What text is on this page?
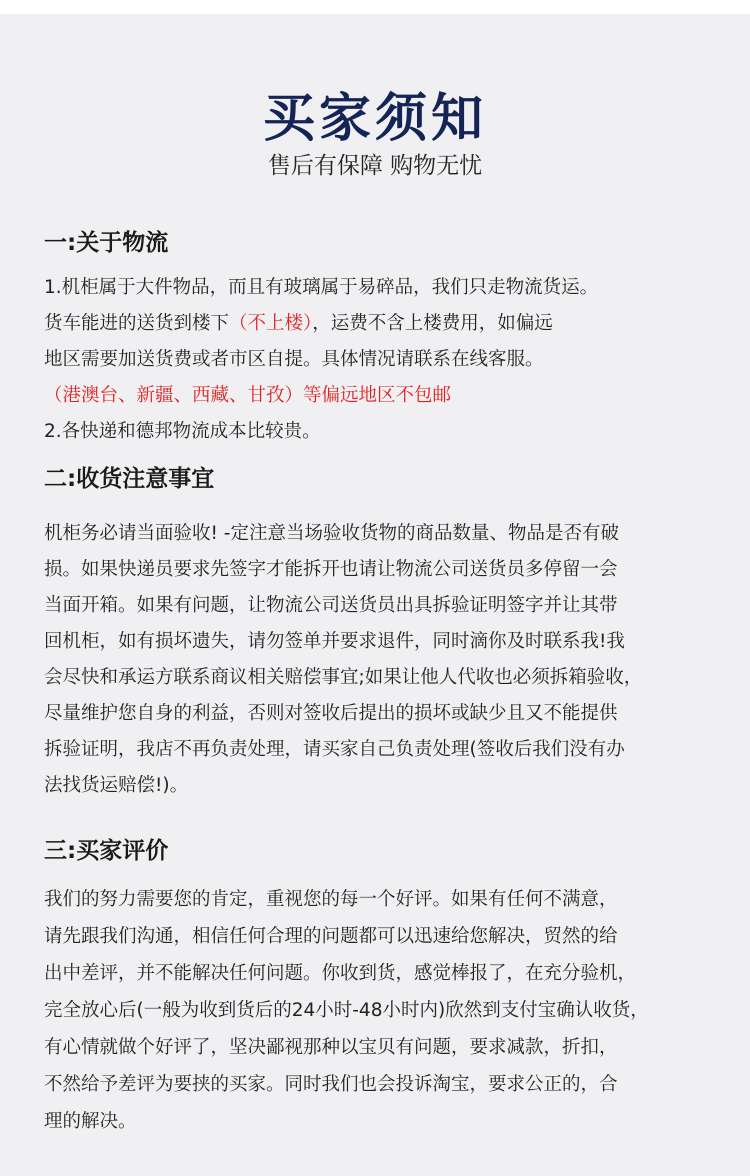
买家须知
售后有保障 购物无忧
一:关于物流
1.机柜属于大件物品，而且有玻璃属于易碎品，我们只走物流货运。
货车能进的送货到楼下（不上楼），运费不含上楼费用，如偏远
地区需要加送货费或者市区自提。具体情况请联系在线客服。
（港澳台、新疆、西藏、甘孜）等偏远地区不包邮
2.各快递和德邦物流成本比较贵。
二:收货注意事宜
机柜务必请当面验收! -定注意当场验收货物的商品数量、物品是否有破
损。如果快递员要求先签字才能拆开也请让物流公司送货员多停留一会
当面开箱。如果有问题，让物流公司送货员出具拆验证明签字并让其带
回机柜，如有损坏遗失，请勿签单并要求退件，同时滴你及时联系我!我
会尽快和承运方联系商议相关赔偿事宜;如果让他人代收也必须拆箱验收，
尽量维护您自身的利益，否则对签收后提出的损坏或缺少且又不能提供
拆验证明，我店不再负责处理，请买家自己负责处理(签收后我们没有办
法找货运赔偿!)。
三:买家评价
我们的努力需要您的肯定，重视您的每一个好评。如果有任何不满意，
请先跟我们沟通，相信任何合理的问题都可以迅速给您解决，贸然的给
出中差评，并不能解决任何问题。你收到货，感觉棒报了，在充分验机，
完全放心后(一般为收到货后的24小时-48小时内)欣然到支付宝确认收货，
有心情就做个好评了，坚决鄙视那种以宝贝有问题，要求减款，折扣，
不然给予差评为要挟的买家。同时我们也会投诉淘宝，要求公正的，合
理的解决。
